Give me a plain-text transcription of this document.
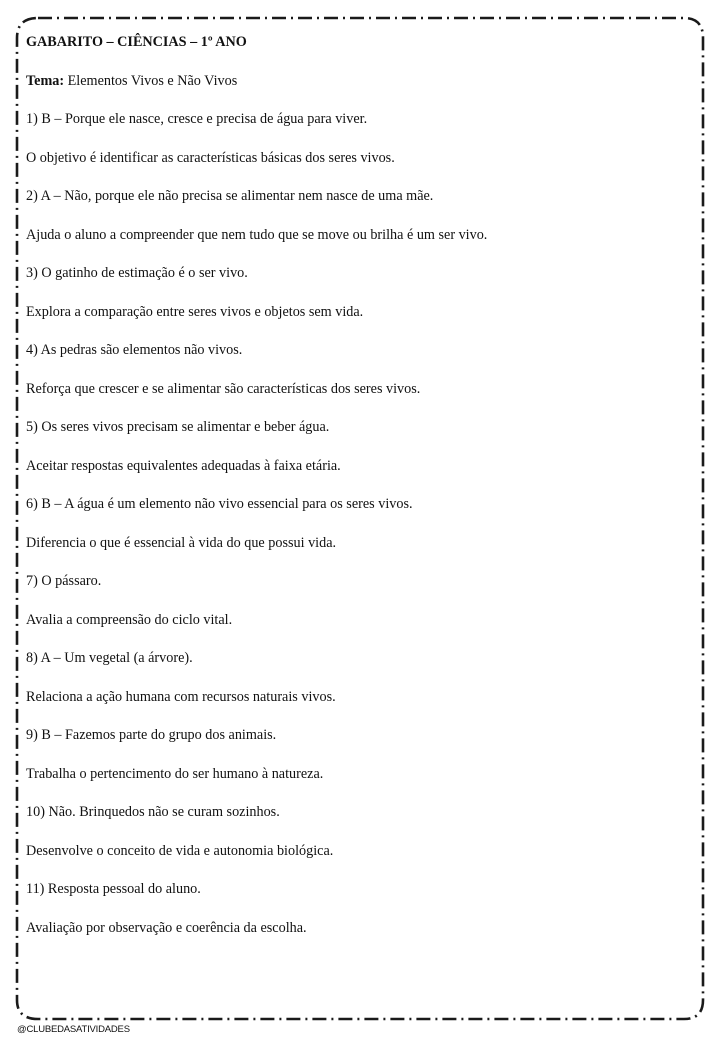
GABARITO – CIÊNCIAS – 1º ANO
Tema: Elementos Vivos e Não Vivos
1) B – Porque ele nasce, cresce e precisa de água para viver.
O objetivo é identificar as características básicas dos seres vivos.
2) A – Não, porque ele não precisa se alimentar nem nasce de uma mãe.
Ajuda o aluno a compreender que nem tudo que se move ou brilha é um ser vivo.
3) O gatinho de estimação é o ser vivo.
Explora a comparação entre seres vivos e objetos sem vida.
4) As pedras são elementos não vivos.
Reforça que crescer e se alimentar são características dos seres vivos.
5) Os seres vivos precisam se alimentar e beber água.
Aceitar respostas equivalentes adequadas à faixa etária.
6) B – A água é um elemento não vivo essencial para os seres vivos.
Diferencia o que é essencial à vida do que possui vida.
7) O pássaro.
Avalia a compreensão do ciclo vital.
8) A – Um vegetal (a árvore).
Relaciona a ação humana com recursos naturais vivos.
9) B – Fazemos parte do grupo dos animais.
Trabalha o pertencimento do ser humano à natureza.
10) Não. Brinquedos não se curam sozinhos.
Desenvolve o conceito de vida e autonomia biológica.
11) Resposta pessoal do aluno.
Avaliação por observação e coerência da escolha.
@CLUBEDASATIVIDADES
